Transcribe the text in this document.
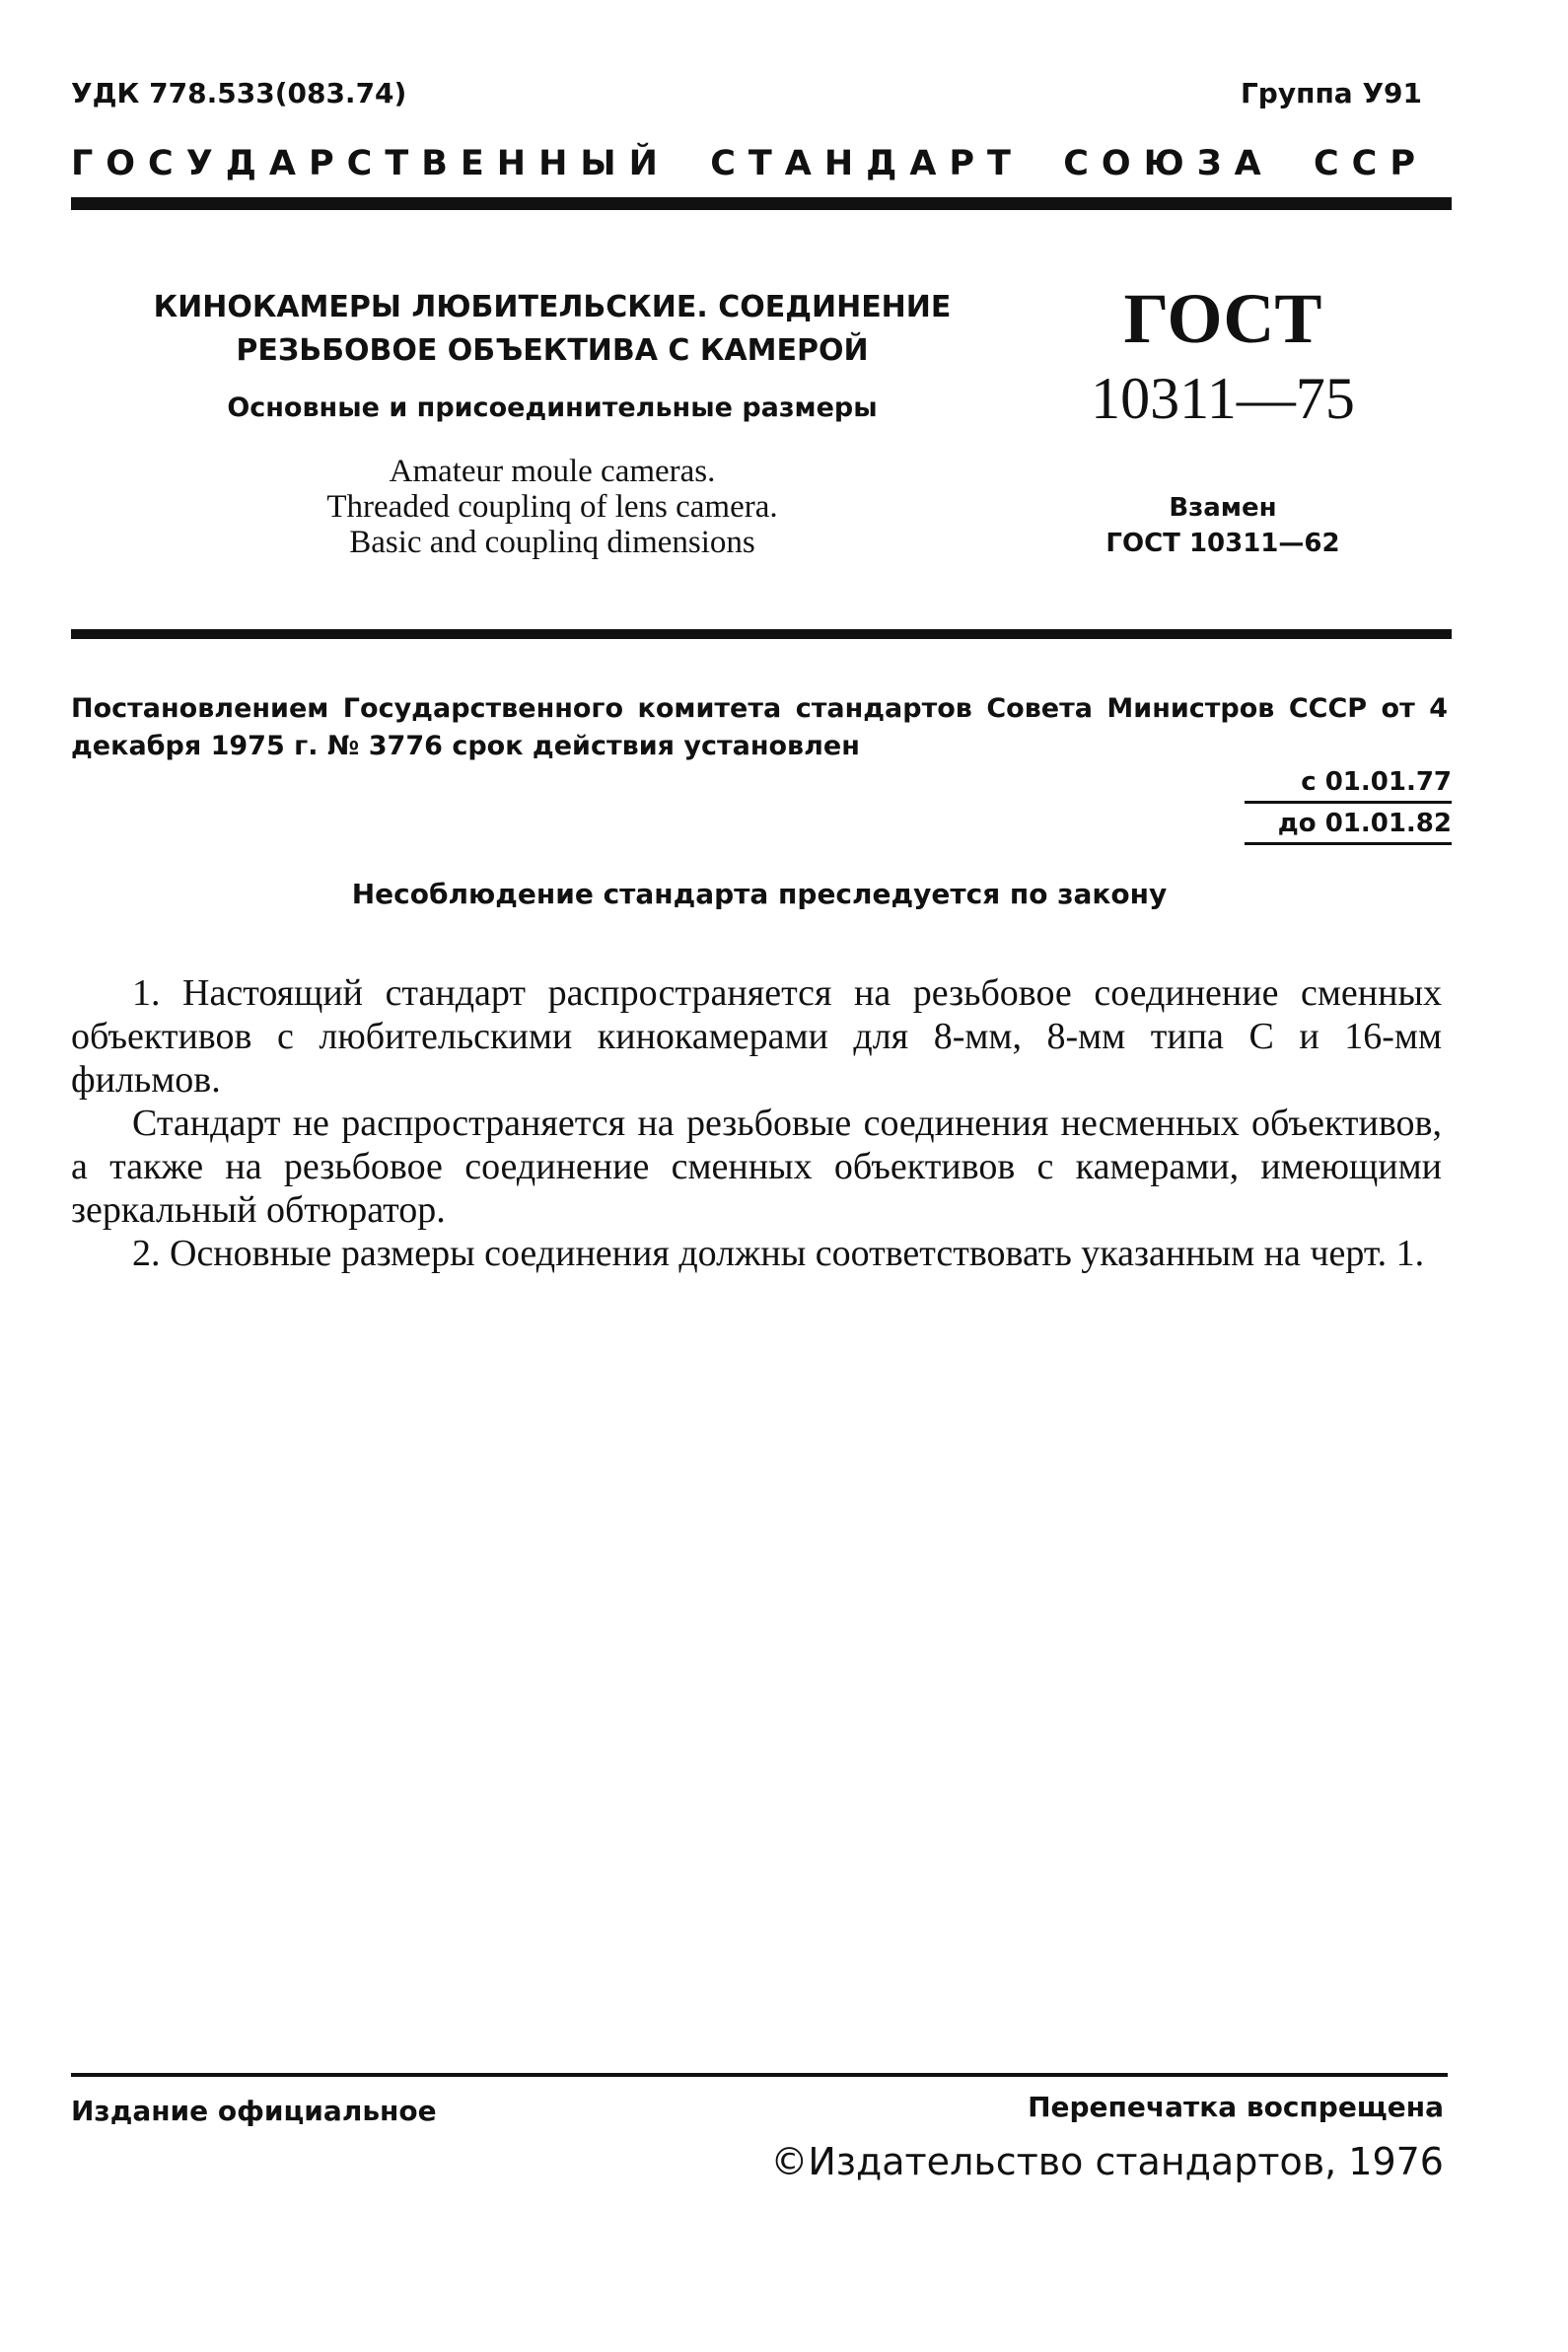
УДК 778.533(083.74)	Группа У91
ГОСУДАРСТВЕННЫЙ СТАНДАРТ СОЮЗА ССР
КИНОКАМЕРЫ ЛЮБИТЕЛЬСКИЕ. СОЕДИНЕНИЕ
РЕЗЬБОВОЕ ОБЪЕКТИВА С КАМЕРОЙ
Основные и присоединительные размеры
Amateur moule cameras.
Threaded couplinq of lens camera.
Basic and couplinq dimensions
ГОСТ
10311—75
Взамен
ГОСТ 10311—62
Постановлением Государственного комитета стандартов Совета Министров СССР от 4 декабря 1975 г. № 3776 срок действия установлен
с 01.01.77
до 01.01.82
Несоблюдение стандарта преследуется по закону

1. Настоящий стандарт распространяется на резьбовое соединение сменных объективов с любительскими кинокамерами для 8-мм, 8-мм типа С и 16-мм фильмов.

Стандарт не распространяется на резьбовые соединения несменных объективов, а также на резьбовое соединение сменных объективов с камерами, имеющими зеркальный обтюратор.

2. Основные размеры соединения должны соответствовать указанным на черт. 1.

Издание официальное	Перепечатка воспрещена
©Издательство стандартов, 1976
